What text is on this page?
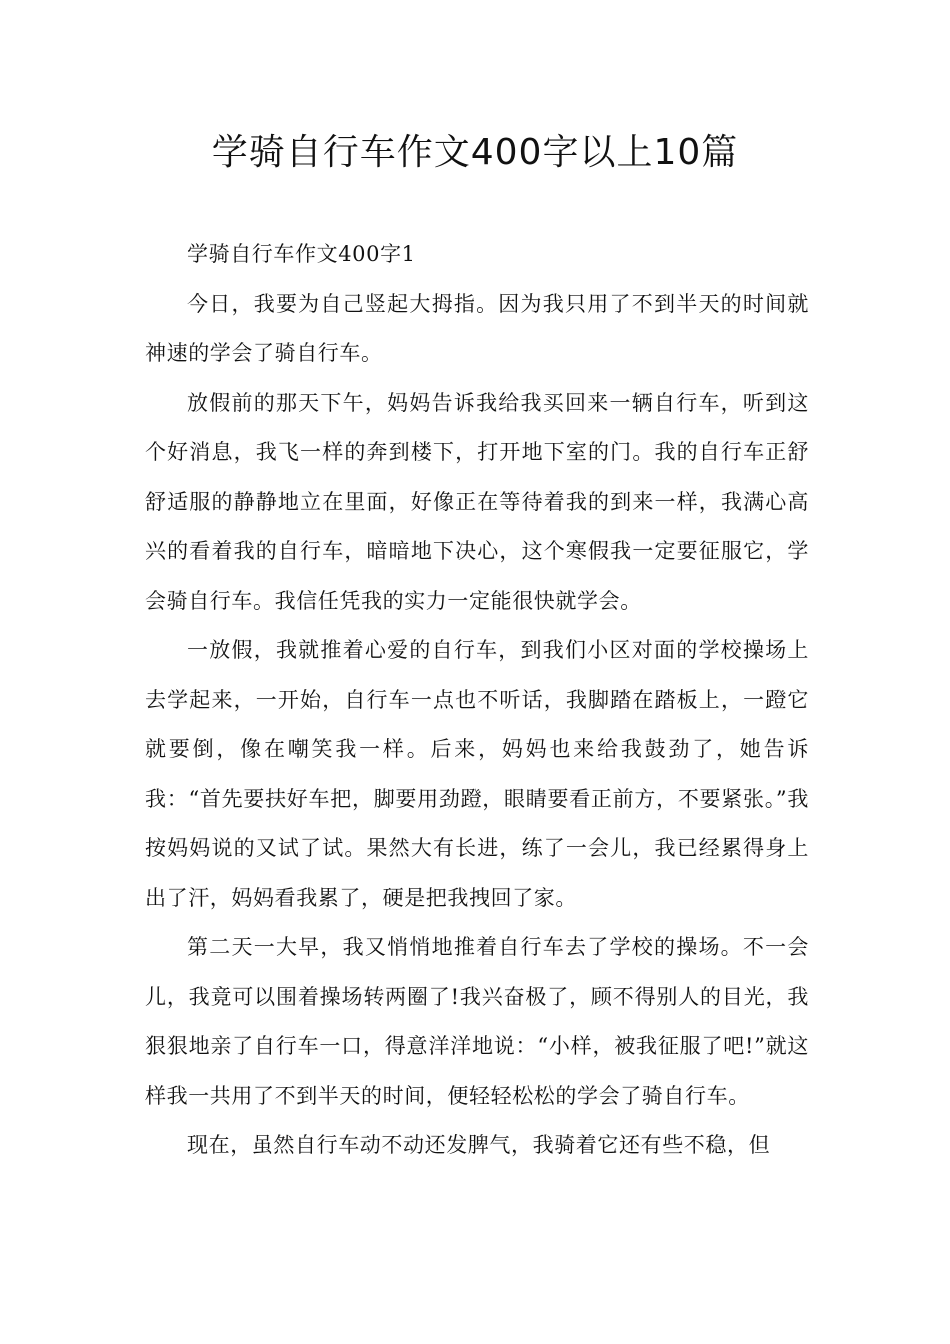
学骑自行车作文400字以上10篇

学骑自行车作文400字1

今日，我要为自己竖起大拇指。因为我只用了不到半天的时间就神速的学会了骑自行车。

放假前的那天下午，妈妈告诉我给我买回来一辆自行车，听到这个好消息，我飞一样的奔到楼下，打开地下室的门。我的自行车正舒舒适服的静静地立在里面，好像正在等待着我的到来一样，我满心高兴的看着我的自行车，暗暗地下决心，这个寒假我一定要征服它，学会骑自行车。我信任凭我的实力一定能很快就学会。

一放假，我就推着心爱的自行车，到我们小区对面的学校操场上去学起来，一开始，自行车一点也不听话，我脚踏在踏板上，一蹬它就要倒，像在嘲笑我一样。后来，妈妈也来给我鼓劲了，她告诉我：“首先要扶好车把，脚要用劲蹬，眼睛要看正前方，不要紧张。”我按妈妈说的又试了试。果然大有长进，练了一会儿，我已经累得身上出了汗，妈妈看我累了，硬是把我拽回了家。

第二天一大早，我又悄悄地推着自行车去了学校的操场。不一会儿，我竟可以围着操场转两圈了!我兴奋极了，顾不得别人的目光，我狠狠地亲了自行车一口，得意洋洋地说：“小样，被我征服了吧!”就这样我一共用了不到半天的时间，便轻轻松松的学会了骑自行车。

现在，虽然自行车动不动还发脾气，我骑着它还有些不稳，但
